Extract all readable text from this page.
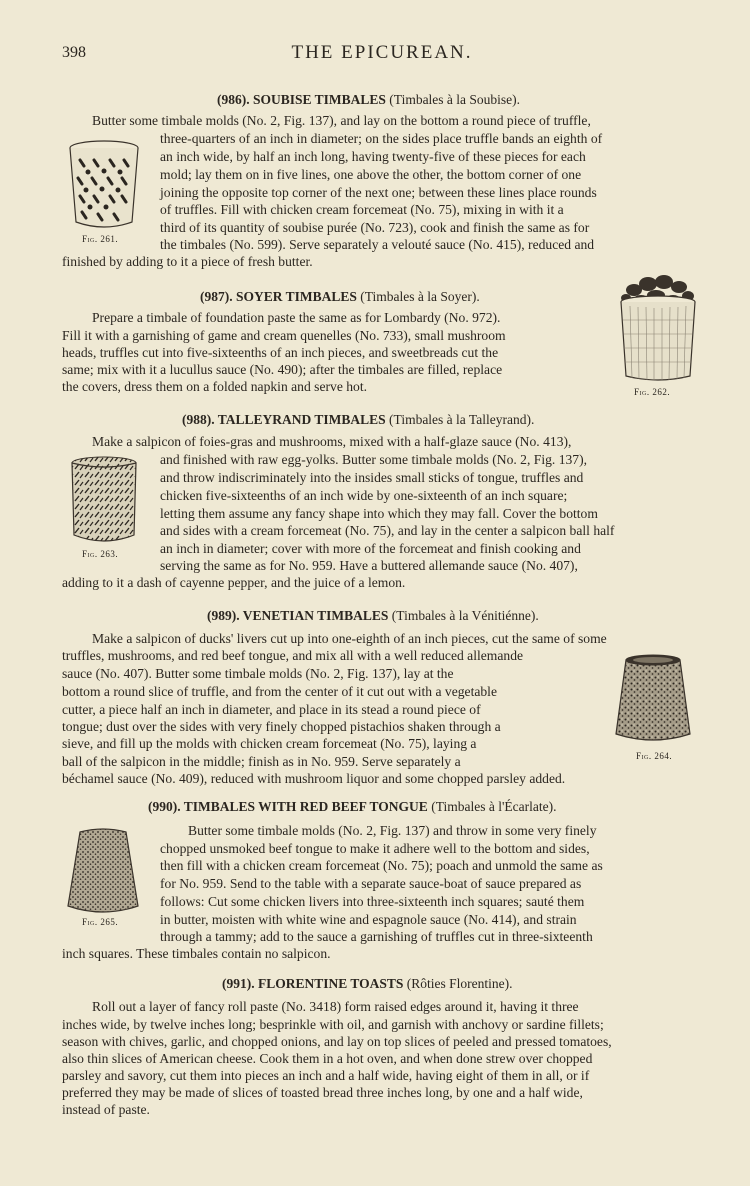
398	THE EPICUREAN.
(986). SOUBISE TIMBALES (Timbales à la Soubise).
Butter some timbale molds (No. 2, Fig. 137), and lay on the bottom a round piece of truffle,
three-quarters of an inch in diameter; on the sides place truffle bands an eighth of
an inch wide, by half an inch long, having twenty-five of these pieces for each
mold; lay them on in five lines, one above the other, the bottom corner of one
joining the opposite top corner of the next one; between these lines place rounds
of truffles. Fill with chicken cream forcemeat (No. 75), mixing in with it a
third of its quantity of soubise purée (No. 723), cook and finish the same as for
the timbales (No. 599). Serve separately a velouté sauce (No. 415), reduced and
finished by adding to it a piece of fresh butter.
Fig. 261.
(987). SOYER TIMBALES (Timbales à la Soyer).
Prepare a timbale of foundation paste the same as for Lombardy (No. 972).
Fill it with a garnishing of game and cream quenelles (No. 733), small mushroom
heads, truffles cut into five-sixteenths of an inch pieces, and sweetbreads cut the
same; mix with it a lucullus sauce (No. 490); after the timbales are filled, replace
the covers, dress them on a folded napkin and serve hot.	Fig. 262.
(988). TALLEYRAND TIMBALES (Timbales à la Talleyrand).
Make a salpicon of foies-gras and mushrooms, mixed with a half-glaze sauce (No. 413),
and finished with raw egg-yolks. Butter some timbale molds (No. 2, Fig. 137),
and throw indiscriminately into the insides small sticks of tongue, truffles and
chicken five-sixteenths of an inch wide by one-sixteenth of an inch square;
letting them assume any fancy shape into which they may fall. Cover the bottom
and sides with a cream forcemeat (No. 75), and lay in the center a salpicon ball half
an inch in diameter; cover with more of the forcemeat and finish cooking and
serving the same as for No. 959. Have a buttered allemande sauce (No. 407),
adding to it a dash of cayenne pepper, and the juice of a lemon.
Fig. 263.
(989). VENETIAN TIMBALES (Timbales à la Vénitiénne).
Make a salpicon of ducks' livers cut up into one-eighth of an inch pieces, cut the same of some
truffles, mushrooms, and red beef tongue, and mix all with a well reduced allemande
sauce (No. 407). Butter some timbale molds (No. 2, Fig. 137), lay at the
bottom a round slice of truffle, and from the center of it cut out with a vegetable
cutter, a piece half an inch in diameter, and place in its stead a round piece of
tongue; dust over the sides with very finely chopped pistachios shaken through a
sieve, and fill up the molds with chicken cream forcemeat (No. 75), laying a
ball of the salpicon in the middle; finish as in No. 959. Serve separately a
béchamel sauce (No. 409), reduced with mushroom liquor and some chopped parsley added.
Fig. 264.
(990). TIMBALES WITH RED BEEF TONGUE (Timbales à l'Écarlate).
Butter some timbale molds (No. 2, Fig. 137) and throw in some very finely
chopped unsmoked beef tongue to make it adhere well to the bottom and sides,
then fill with a chicken cream forcemeat (No. 75); poach and unmold the same as
for No. 959. Send to the table with a separate sauce-boat of sauce prepared as
follows: Cut some chicken livers into three-sixteenth inch squares; sauté them
in butter, moisten with white wine and espagnole sauce (No. 414), and strain
through a tammy; add to the sauce a garnishing of truffles cut in three-sixteenth
inch squares. These timbales contain no salpicon.
Fig. 265.
(991). FLORENTINE TOASTS (Rôties Florentine).
Roll out a layer of fancy roll paste (No. 3418) form raised edges around it, having it three
inches wide, by twelve inches long; besprinkle with oil, and garnish with anchovy or sardine fillets;
season with chives, garlic, and chopped onions, and lay on top slices of peeled and pressed tomatoes,
also thin slices of American cheese. Cook them in a hot oven, and when done strew over chopped
parsley and savory, cut them into pieces an inch and a half wide, having eight of them in all, or if
preferred they may be made of slices of toasted bread three inches long, by one and a half wide,
instead of paste.
